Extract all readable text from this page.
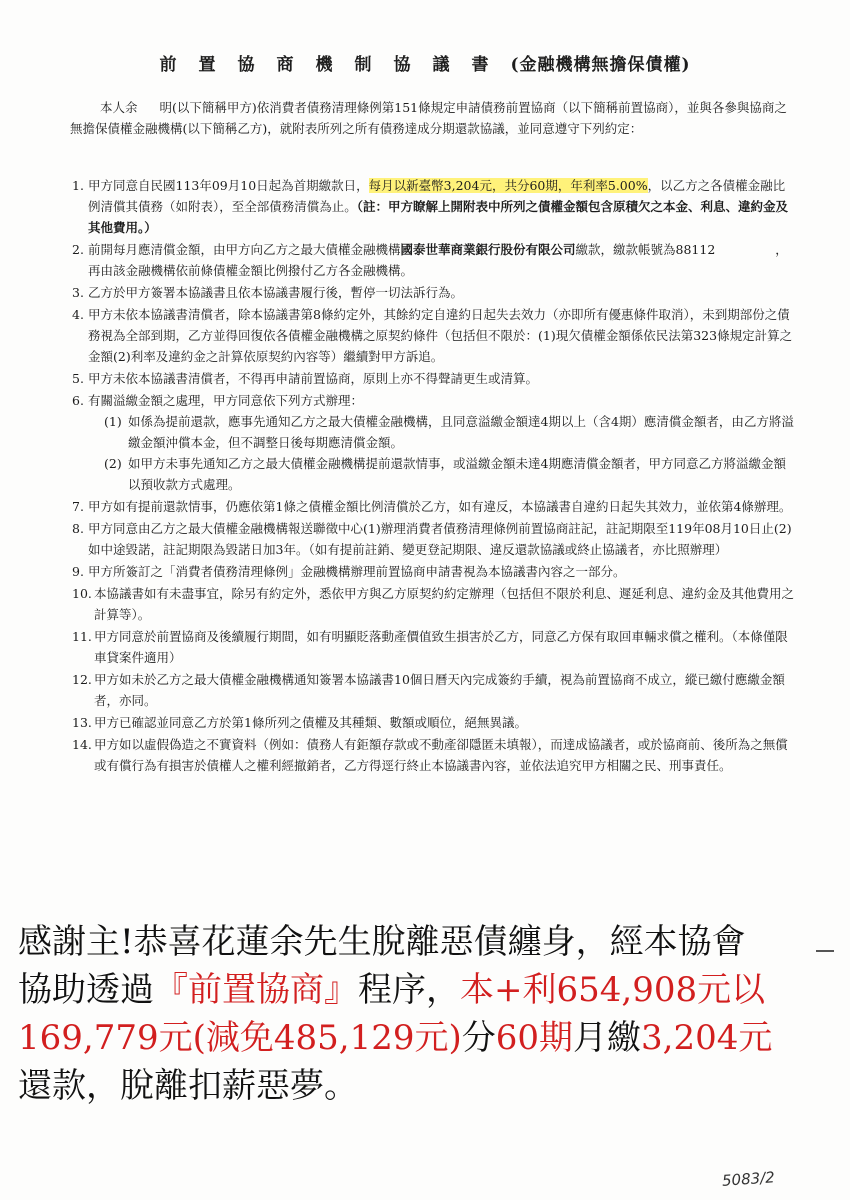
前置協商機制協議書(金融機構無擔保債權)
本人余 明(以下簡稱甲方)依消費者債務清理條例第151條規定申請債務前置協商（以下簡稱前置協商），並與各參與協商之無擔保債權金融機構(以下簡稱乙方)，就附表所列之所有債務達成分期還款協議，並同意遵守下列約定：
1. 甲方同意自民國113年09月10日起為首期繳款日，每月以新臺幣3,204元，共分60期，年利率5.00%，以乙方之各債權金融比例清償其債務（如附表），至全部債務清償為止。（註：甲方瞭解上開附表中所列之債權金額包含原積欠之本金、利息、違約金及其他費用。）
2. 前開每月應清償金額，由甲方向乙方之最大債權金融機構國泰世華商業銀行股份有限公司繳款，繳款帳號為88112	，再由該金融機構依前條債權金額比例撥付乙方各金融機構。
3. 乙方於甲方簽署本協議書且依本協議書履行後，暫停一切法訴行為。
4. 甲方未依本協議書清償者，除本協議書第8條約定外，其餘約定自違約日起失去效力（亦即所有優惠條件取消），未到期部份之債務視為全部到期，乙方並得回復依各債權金融機構之原契約條件（包括但不限於：(1)現欠債權金額係依民法第323條規定計算之金額(2)利率及違約金之計算依原契約內容等）繼續對甲方訴追。
5. 甲方未依本協議書清償者，不得再申請前置協商，原則上亦不得聲請更生或清算。
6. 有關溢繳金額之處理，甲方同意依下列方式辦理：
(1) 如係為提前還款，應事先通知乙方之最大債權金融機構，且同意溢繳金額達4期以上（含4期）應清償金額者，由乙方將溢繳金額沖償本金，但不調整日後每期應清償金額。
(2) 如甲方未事先通知乙方之最大債權金融機構提前還款情事，或溢繳金額未達4期應清償金額者，甲方同意乙方將溢繳金額以預收款方式處理。
7. 甲方如有提前還款情事，仍應依第1條之債權金額比例清償於乙方，如有違反，本協議書自違約日起失其效力，並依第4條辦理。
8. 甲方同意由乙方之最大債權金融機構報送聯徵中心(1)辦理消費者債務清理條例前置協商註記，註記期限至119年08月10日止(2)如中途毀諾，註記期限為毀諾日加3年。（如有提前註銷、變更登記期限、違反還款協議或終止協議者，亦比照辦理）
9. 甲方所簽訂之「消費者債務清理條例」金融機構辦理前置協商申請書視為本協議書內容之一部分。
10. 本協議書如有未盡事宜，除另有約定外，悉依甲方與乙方原契約約定辦理（包括但不限於利息、遲延利息、違約金及其他費用之計算等）。
11. 甲方同意於前置協商及後續履行期間，如有明顯貶落動產價值致生損害於乙方，同意乙方保有取回車輛求償之權利。（本條僅限車貸案件適用）
12. 甲方如未於乙方之最大債權金融機構通知簽署本協議書10個日曆天內完成簽約手續，視為前置協商不成立，縱已繳付應繳金額者，亦同。
13. 甲方已確認並同意乙方於第1條所列之債權及其種類、數額或順位，絕無異議。
14. 甲方如以虛假偽造之不實資料（例如：債務人有鉅額存款或不動產卻隱匿未填報），而達成協議者，或於協商前、後所為之無償或有償行為有損害於債權人之權利經撤銷者，乙方得逕行終止本協議書內容，並依法追究甲方相關之民、刑事責任。
感謝主!恭喜花蓮余先生脫離惡債纏身，經本協會協助透過『前置協商』程序，本+利654,908元以169,779元(減免485,129元)分60期月繳3,204元還款，脫離扣薪惡夢。
5083/2
